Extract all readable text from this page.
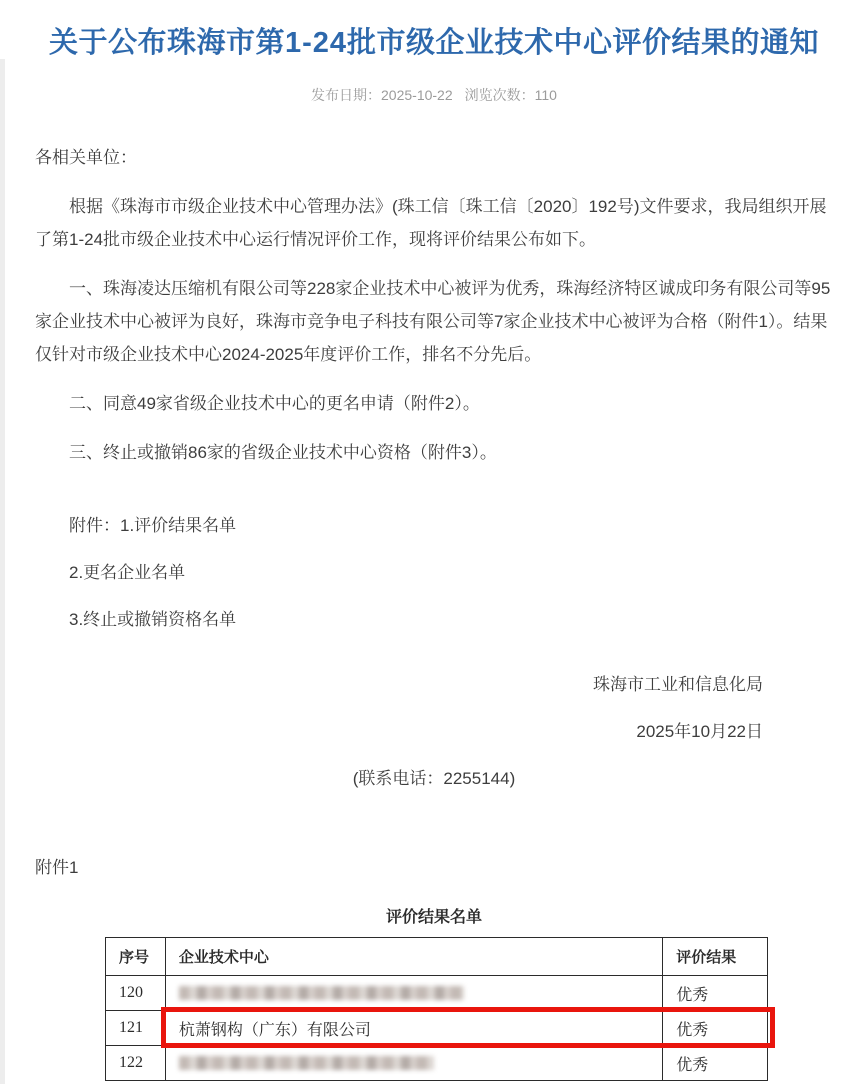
关于公布珠海市第1-24批市级企业技术中心评价结果的通知
发布日期：2025-10-22 浏览次数：110

各相关单位：

根据《珠海市市级企业技术中心管理办法》(珠工信〔珠工信〔2020〕192号)文件要求，我局组织开展了第1-24批市级企业技术中心运行情况评价工作，现将评价结果公布如下。

一、珠海凌达压缩机有限公司等228家企业技术中心被评为优秀，珠海经济特区诚成印务有限公司等95家企业技术中心被评为良好，珠海市竞争电子科技有限公司等7家企业技术中心被评为合格（附件1）。结果仅针对市级企业技术中心2024-2025年度评价工作，排名不分先后。

二、同意49家省级企业技术中心的更名申请（附件2）。

三、终止或撤销86家的省级企业技术中心资格（附件3）。

附件：1.评价结果名单

2.更名企业名单

3.终止或撤销资格名单

珠海市工业和信息化局

2025年10月22日

(联系电话：2255144)

附件1
评价结果名单
序号	企业技术中心	评价结果
120		优秀
121	杭萧钢构（广东）有限公司	优秀
122		优秀
